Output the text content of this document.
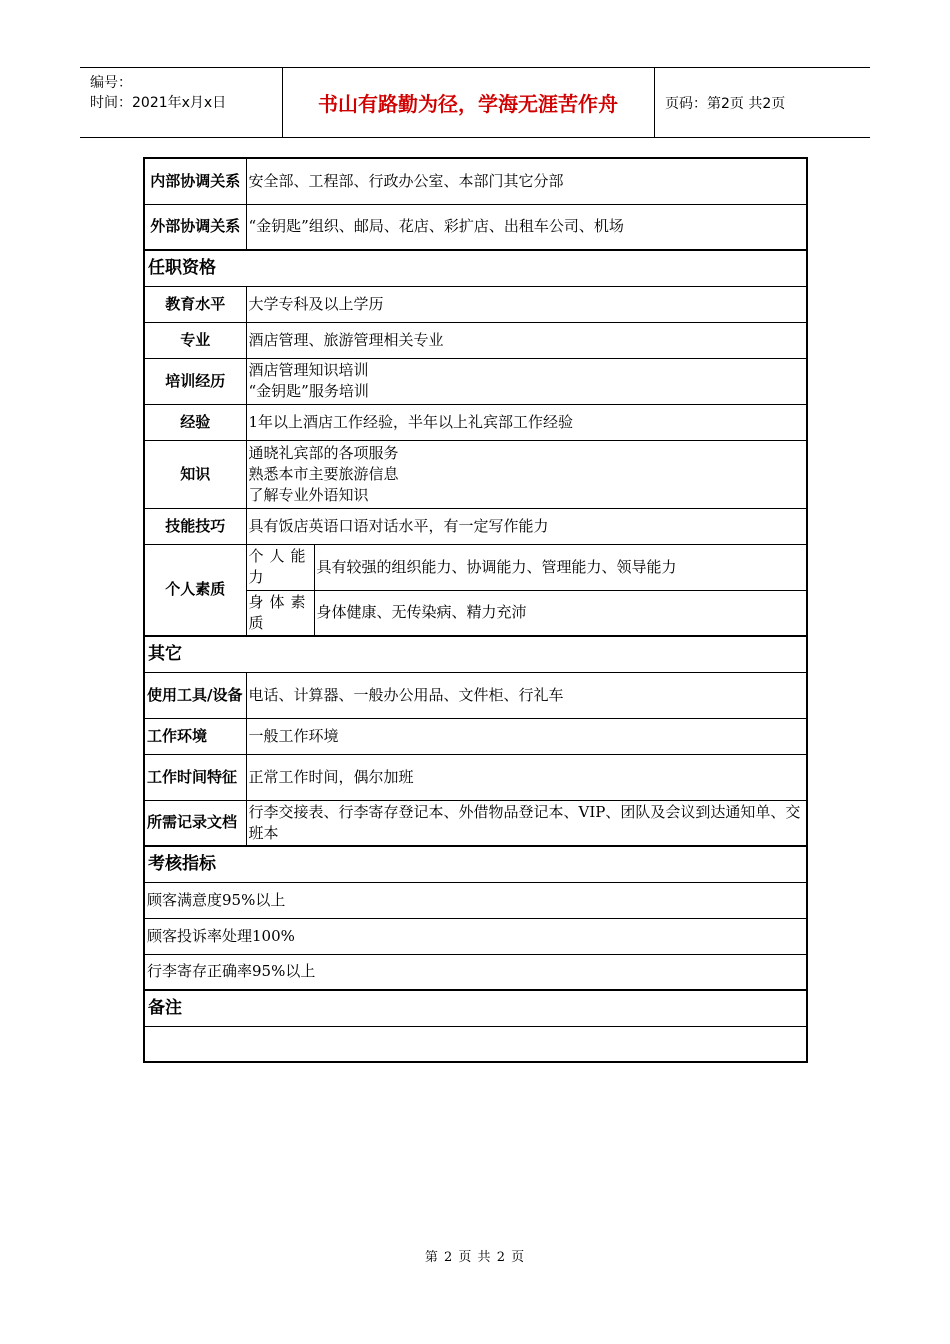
编号：
时间：2021年x月x日	书山有路勤为径，学海无涯苦作舟	页码：第2页 共2页
内部协调关系	安全部、工程部、行政办公室、本部门其它分部	
外部协调关系	“金钥匙”组织、邮局、花店、彩扩店、出租车公司、机场	
任职资格		
教育水平	大学专科及以上学历	
专业	酒店管理、旅游管理相关专业	
培训经历	酒店管理知识培训
“金钥匙”服务培训	

经验	1年以上酒店工作经验，半年以上礼宾部工作经验	
知识	通晓礼宾部的各项服务
熟悉本市主要旅游信息
了解专业外语知识	

技能技巧	具有饭店英语口语对话水平，有一定写作能力	
个人素质	个人能力	具有较强的组织能力、协调能力、管理能力、领导能力
	身体素质	身体健康、无传染病、精力充沛
其它		
使用工具/设备	电话、计算器、一般办公用品、文件柜、行礼车	
工作环境	一般工作环境	
工作时间特征	正常工作时间，偶尔加班	
所需记录文档	行李交接表、行李寄存登记本、外借物品登记本、VIP、团队及会议到达通知单、交班本	
考核指标		
顾客满意度95%以上		
顾客投诉率处理100%		
行李寄存正确率95%以上		
备注		

第 2 页 共 2 页
